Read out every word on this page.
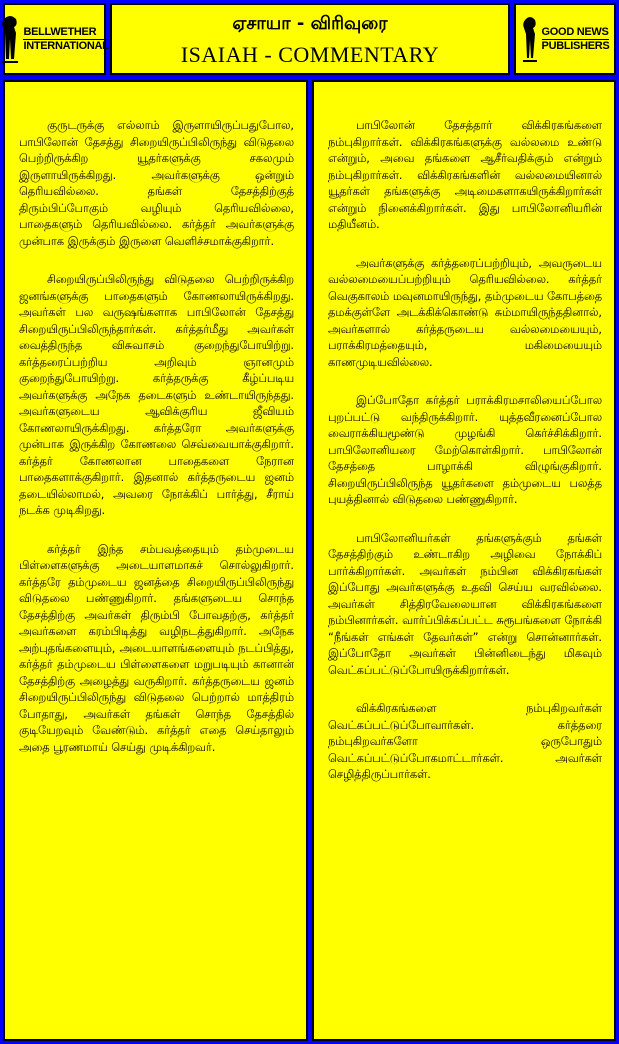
BELLWETHER
INTERNATIONAL
ஏசாயா - விரிவுரை
ISAIAH - COMMENTARY
GOOD NEWS
PUBLISHERS

குருடருக்கு எல்லாம் இருளாயிருப்பதுபோல, பாபிலோன் தேசத்து சிறையிருப்பிலிருந்து விடுதலை பெற்றிருக்கிற யூதர்களுக்கு சகலமும் இருளாயிருக்கிறது. அவர்களுக்கு ஒன்றும் தெரியவில்லை. தங்கள் தேசத்திற்குத் திரும்பிப்போகும் வழியும் தெரியவில்லை, பாதைகளும் தெரியவில்லை. கர்த்தர் அவர்களுக்கு முன்பாக இருக்கும் இருளை வெளிச்சமாக்குகிறார்.

சிறையிருப்பிலிருந்து விடுதலை பெற்றிருக்கிற ஜனங்களுக்கு பாதைகளும் கோணலாயிருக்கிறது. அவர்கள் பல வருஷங்களாக பாபிலோன் தேசத்து சிறையிருப்பிலிருந்தார்கள். கர்த்தர்மீது அவர்கள் வைத்திருந்த விசுவாசம் குறைந்துபோயிற்று. கர்த்தரைப்பற்றிய அறிவும் ஞானமும் குறைந்துபோயிற்று. கர்த்தருக்கு கீழ்ப்படிய அவர்களுக்கு அநேக தடைகளும் உண்டாயிருந்தது. அவர்களுடைய ஆவிக்குரிய ஜீவியம் கோணலாயிருக்கிறது. கர்த்தரோ அவர்களுக்கு முன்பாக இருக்கிற கோணலை செவ்வையாக்குகிறார். கர்த்தர் கோணலான பாதைகளை நேரான பாதைகளாக்குகிறார். இதனால் கர்த்தருடைய ஜனம் தடையில்லாமல், அவரை நோக்கிப் பார்த்து, சீராய் நடக்க முடிகிறது.

கர்த்தர் இந்த சம்பவத்தையும் தம்முடைய பிள்ளைகளுக்கு அடையாளமாகச் சொல்லுகிறார். கர்த்தரே தம்முடைய ஜனத்தை சிறையிருப்பிலிருந்து விடுதலை பண்ணுகிறார். தங்களுடைய சொந்த தேசத்திற்கு அவர்கள் திரும்பி போவதற்கு, கர்த்தர் அவர்களை கரம்பிடித்து வழிநடத்துகிறார். அநேக அற்புதங்களையும், அடையாளங்களையும் நடப்பித்து, கர்த்தர் தம்முடைய பிள்ளைகளை மறுபடியும் கானான் தேசத்திற்கு அழைத்து வருகிறார். கர்த்தருடைய ஜனம் சிறையிருப்பிலிருந்து விடுதலை பெற்றால் மாத்திரம் போதாது, அவர்கள் தங்கள் சொந்த தேசத்தில் குடியேறவும் வேண்டும். கர்த்தர் எதை செய்தாலும் அதை பூரணமாய் செய்து முடிக்கிறவர்.

பாபிலோன் தேசத்தார் விக்கிரகங்களை நம்புகிறார்கள். விக்கிரகங்களுக்கு வல்லமை உண்டு என்றும், அவை தங்களை ஆசீர்வதிக்கும் என்றும் நம்புகிறார்கள். விக்கிரகங்களின் வல்லமையினால் யூதர்கள் தங்களுக்கு அடிமைகளாகயிருக்கிறார்கள் என்றும் நினைக்கிறார்கள். இது பாபிலோனியரின் மதியீனம்.

அவர்களுக்கு கர்த்தரைப்பற்றியும், அவருடைய வல்லமையைப்பற்றியும் தெரியவில்லை. கர்த்தர் வெகுகாலம் மவுனமாயிருந்து, தம்முடைய கோபத்தை தமக்குள்ளே அடக்கிக்கொண்டு சும்மாயிருந்ததினால், அவர்களால் கர்த்தருடைய வல்லமையையும், பராக்கிரமத்தையும், மகிமையையும் காணமுடியவில்லை.

இப்போதோ கர்த்தர் பராக்கிரமசாலியைப்போல புறப்பட்டு வந்திருக்கிறார். யுத்தவீரனைப்போல வைராக்கியமூண்டு முழங்கி கெர்ச்சிக்கிறார். பாபிலோனியரை மேற்கொள்கிறார். பாபிலோன் தேசத்தை பாழாக்கி விழுங்குகிறார். சிறையிருப்பிலிருந்த யூதர்களை தம்முடைய பலத்த புயத்தினால் விடுதலை பண்ணுகிறார்.

பாபிலோனியர்கள் தங்களுக்கும் தங்கள் தேசத்திற்கும் உண்டாகிற அழிவை நோக்கிப் பார்க்கிறார்கள். அவர்கள் நம்பின விக்கிரகங்கள் இப்போது அவர்களுக்கு உதவி செய்ய வரவில்லை. அவர்கள் சித்திரவேலையான விக்கிரகங்களை நம்பினார்கள். வார்ப்பிக்கப்பட்ட சுரூபங்களை நோக்கி “நீங்கள் எங்கள் தேவர்கள்” என்று சொன்னார்கள். இப்போதோ அவர்கள் பின்னிடைந்து மிகவும் வெட்கப்பட்டுப்போயிருக்கிறார்கள்.

விக்கிரகங்களை நம்புகிறவர்கள் வெட்கப்பட்டுப்போவார்கள். கர்த்தரை நம்புகிறவர்களோ ஒருபோதும் வெட்கப்பட்டுப்போகமாட்டார்கள். அவர்கள் செழித்திருப்பார்கள்.
